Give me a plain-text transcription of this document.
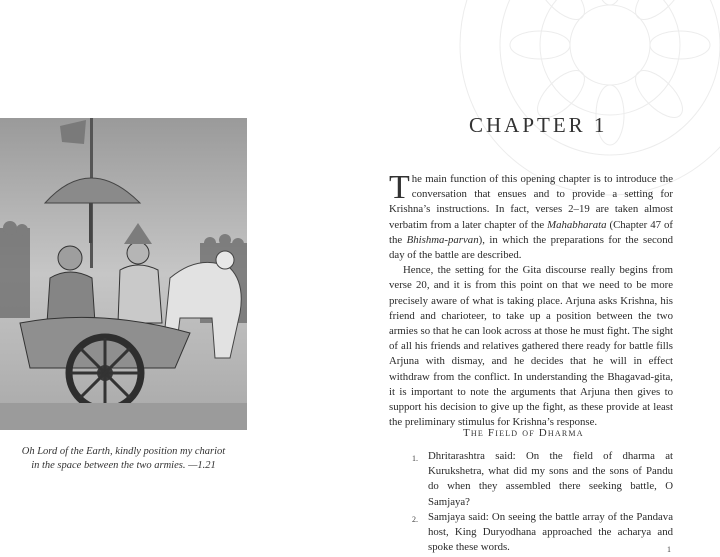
Oh Lord of the Earth, kindly position my chariot
in the space between the two armies. —1.21
CHAPTER 1

The main function of this opening chapter is to introduce the conversation that ensues and to provide a setting for Krishna’s instructions. In fact, verses 2–19 are taken almost verbatim from a later chapter of the Mahabharata (Chapter 47 of the Bhishma-parvan), in which the preparations for the second day of the battle are described.

Hence, the setting for the Gita discourse really begins from verse 20, and it is from this point on that we need to be more precisely aware of what is taking place. Arjuna asks Krishna, his friend and charioteer, to take up a position between the two armies so that he can look across at those he must fight. The sight of all his friends and relatives gathered there ready for battle fills Arjuna with dismay, and he decides that he will in effect withdraw from the conflict. In understanding the Bhagavad-gita, it is important to note the arguments that Arjuna then gives to support his decision to give up the fight, as these provide at least the preliminary stimulus for Krishna’s response.

The Field of Dharma
1. Dhritarashtra said: On the field of dharma at Kurukshetra, what did my sons and the sons of Pandu do when they assembled there seeking battle, O Samjaya?
2. Samjaya said: On seeing the battle array of the Pandava host, King Duryodhana approached the acharya and spoke these words.	1
